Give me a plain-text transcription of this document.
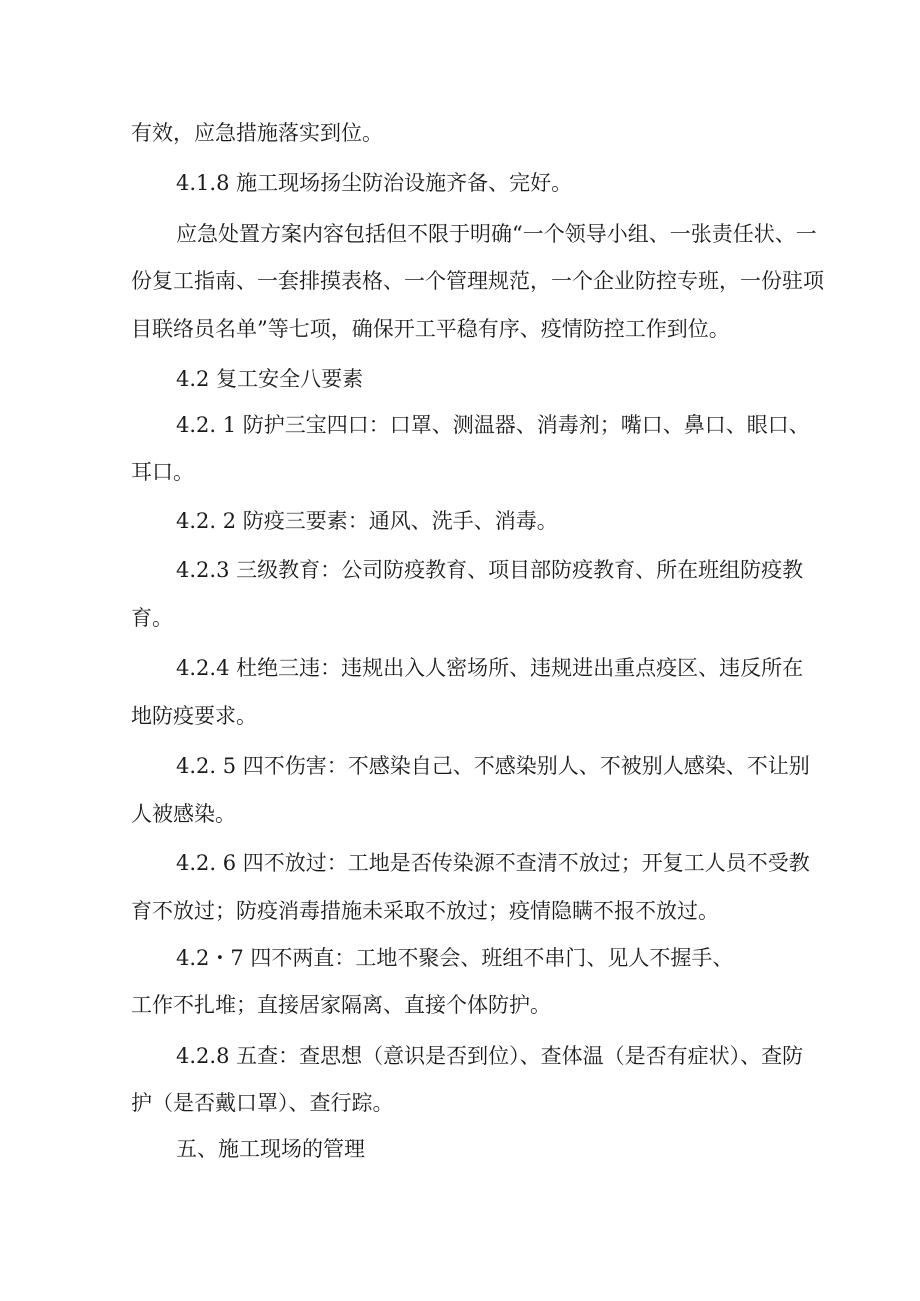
有效，应急措施落实到位。
4.1.8 施工现场扬尘防治设施齐备、完好。
应急处置方案内容包括但不限于明确“一个领导小组、一张责任状、一
份复工指南、一套排摸表格、一个管理规范，一个企业防控专班，一份驻项
目联络员名单”等七项，确保开工平稳有序、疫情防控工作到位。
4.2 复工安全八要素
4.2. 1 防护三宝四口：口罩、测温器、消毒剂；嘴口、鼻口、眼口、
耳口。
4.2. 2 防疫三要素：通风、洗手、消毒。
4.2.3 三级教育：公司防疫教育、项目部防疫教育、所在班组防疫教
育。
4.2.4 杜绝三违：违规出入人密场所、违规进出重点疫区、违反所在
地防疫要求。
4.2. 5 四不伤害：不感染自己、不感染别人、不被别人感染、不让别
人被感染。
4.2. 6 四不放过：工地是否传染源不查清不放过；开复工人员不受教
育不放过；防疫消毒措施未采取不放过；疫情隐瞒不报不放过。
4.2・7 四不两直：工地不聚会、班组不串门、见人不握手、
工作不扎堆；直接居家隔离、直接个体防护。
4.2.8 五查：查思想（意识是否到位）、查体温（是否有症状）、查防
护（是否戴口罩）、查行踪。
五、施工现场的管理
